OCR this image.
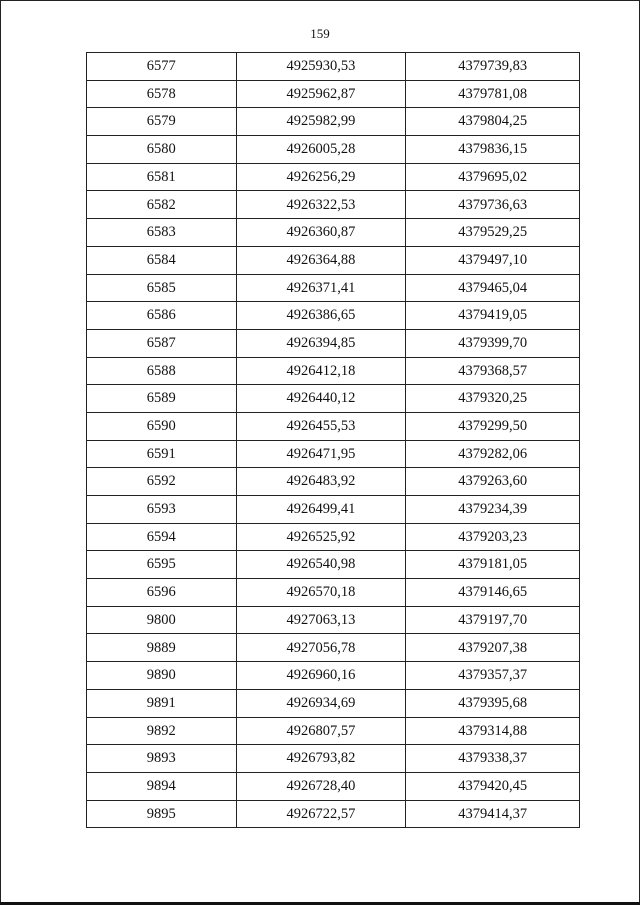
159
6577	4925930,53	4379739,83
6578	4925962,87	4379781,08
6579	4925982,99	4379804,25
6580	4926005,28	4379836,15
6581	4926256,29	4379695,02
6582	4926322,53	4379736,63
6583	4926360,87	4379529,25
6584	4926364,88	4379497,10
6585	4926371,41	4379465,04
6586	4926386,65	4379419,05
6587	4926394,85	4379399,70
6588	4926412,18	4379368,57
6589	4926440,12	4379320,25
6590	4926455,53	4379299,50
6591	4926471,95	4379282,06
6592	4926483,92	4379263,60
6593	4926499,41	4379234,39
6594	4926525,92	4379203,23
6595	4926540,98	4379181,05
6596	4926570,18	4379146,65
9800	4927063,13	4379197,70
9889	4927056,78	4379207,38
9890	4926960,16	4379357,37
9891	4926934,69	4379395,68
9892	4926807,57	4379314,88
9893	4926793,82	4379338,37
9894	4926728,40	4379420,45
9895	4926722,57	4379414,37
